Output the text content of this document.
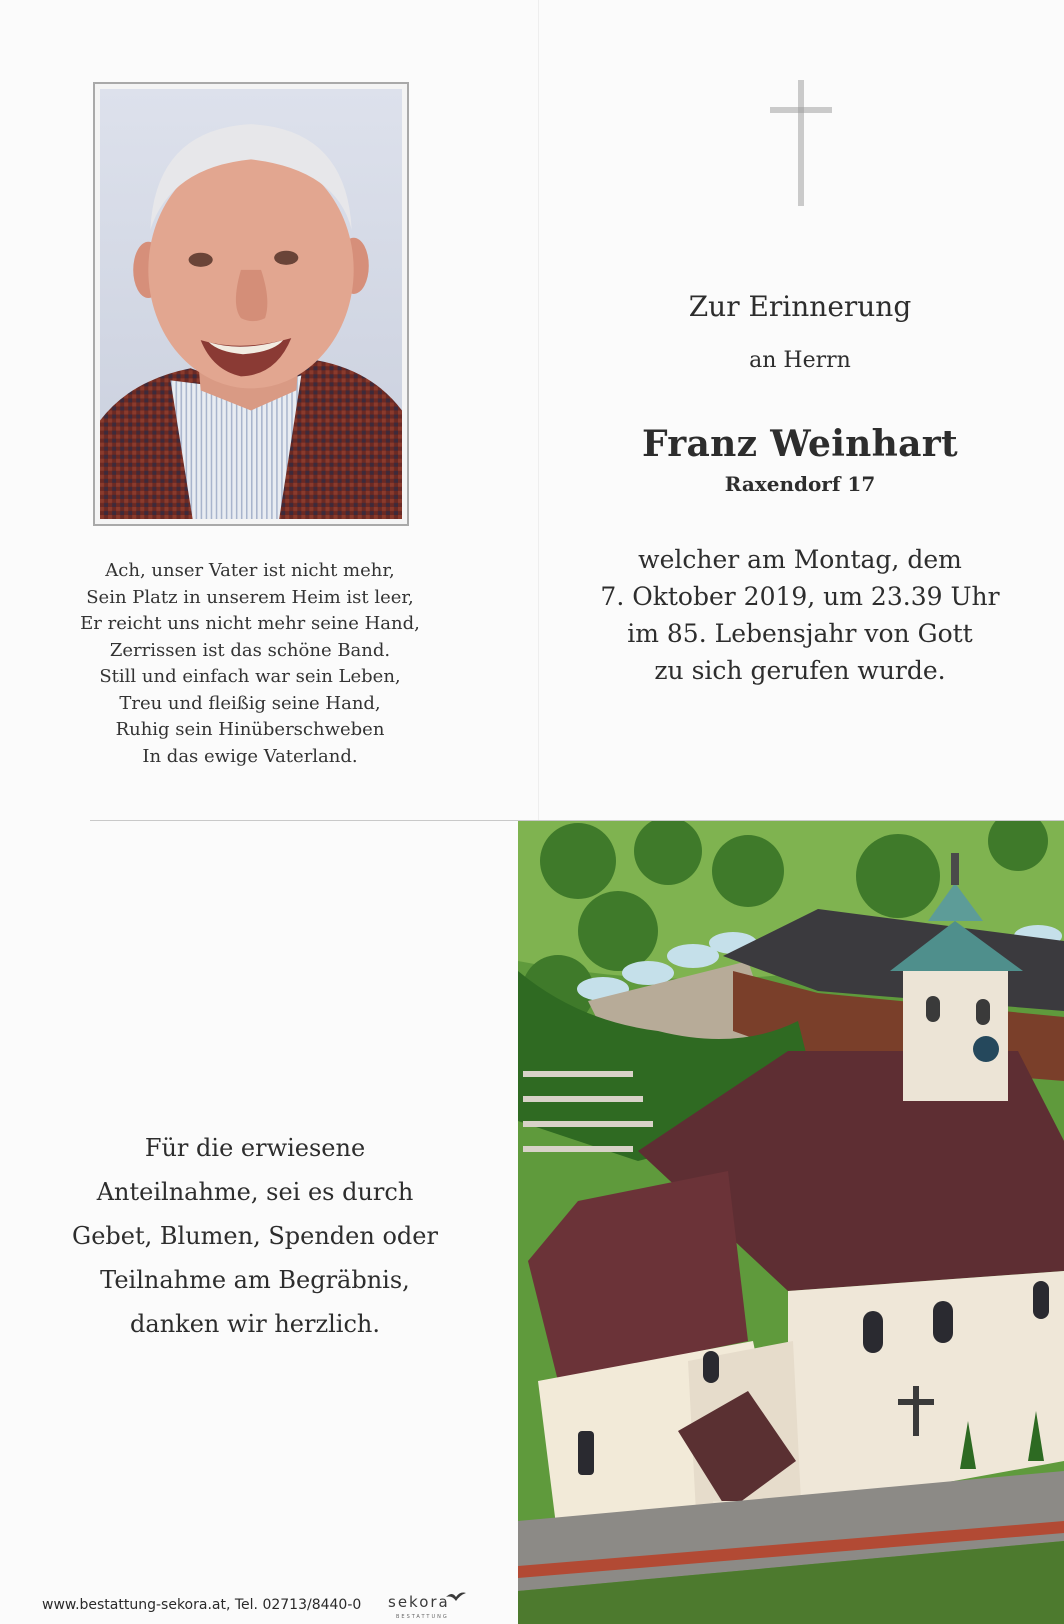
Ach, unser Vater ist nicht mehr,
Sein Platz in unserem Heim ist leer,
Er reicht uns nicht mehr seine Hand,
Zerrissen ist das schöne Band.
Still und einfach war sein Leben,
Treu und fleißig seine Hand,
Ruhig sein Hinüberschweben
In das ewige Vaterland.
Zur Erinnerung
an Herrn
Franz Weinhart
Raxendorf 17
welcher am Montag, dem
7. Oktober 2019, um 23.39 Uhr
im 85. Lebensjahr von Gott
zu sich gerufen wurde.
Für die erwiesene
Anteilnahme, sei es durch
Gebet, Blumen, Spenden oder
Teilnahme am Begräbnis,
danken wir herzlich.
www.bestattung-sekora.at, Tel. 02713/8440-0 sekora
BESTATTUNG
